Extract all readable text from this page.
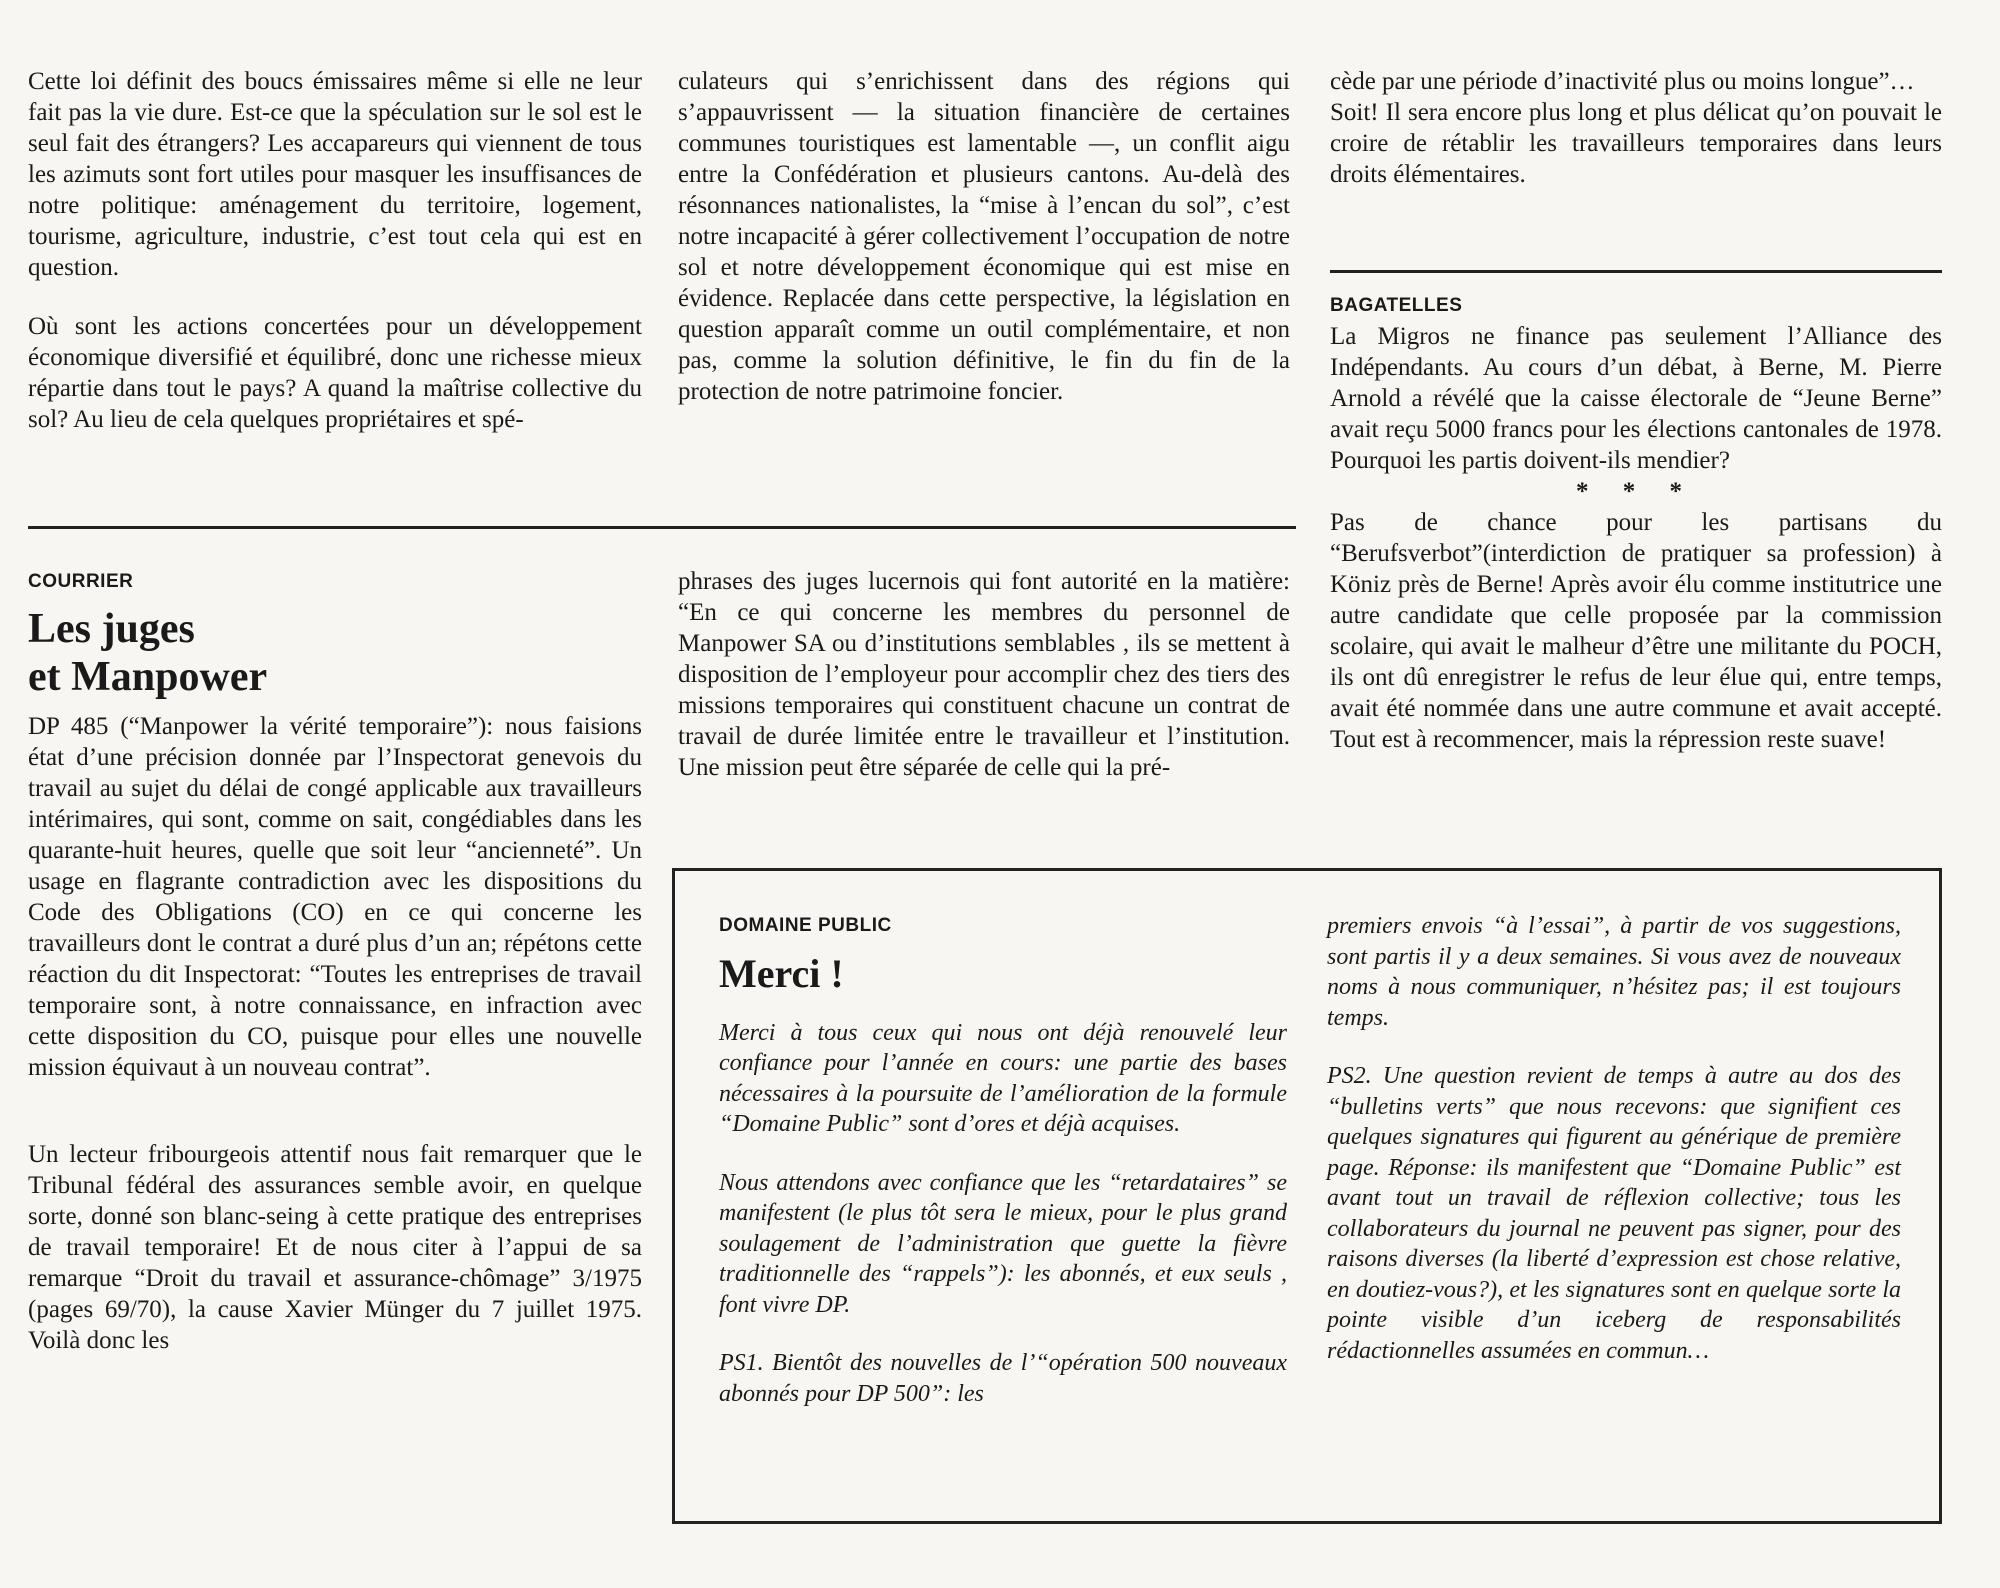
Cette loi définit des boucs émissaires même si elle ne leur fait pas la vie dure. Est-ce que la spéculation sur le sol est le seul fait des étrangers? Les accapareurs qui viennent de tous les azimuts sont fort utiles pour masquer les insuffisances de notre politique: aménagement du territoire, logement, tourisme, agriculture, industrie, c’est tout cela qui est en question.

Où sont les actions concertées pour un développement économique diversifié et équilibré, donc une richesse mieux répartie dans tout le pays? A quand la maîtrise collective du sol? Au lieu de cela quelques propriétaires et spé-

culateurs qui s’enrichissent dans des régions qui s’appauvrissent — la situation financière de certaines communes touristiques est lamentable —, un conflit aigu entre la Confédération et plusieurs cantons. Au-delà des résonnances nationalistes, la “mise à l’encan du sol”, c’est notre incapacité à gérer collectivement l’occupation de notre sol et notre développement économique qui est mise en évidence. Replacée dans cette perspective, la législation en question apparaît comme un outil complémentaire, et non pas, comme la solution définitive, le fin du fin de la protection de notre patrimoine foncier.

cède par une période d’inactivité plus ou moins longue”…

Soit! Il sera encore plus long et plus délicat qu’on pouvait le croire de rétablir les travailleurs temporaires dans leurs droits élémentaires.

BAGATELLES

La Migros ne finance pas seulement l’Alliance des Indépendants. Au cours d’un débat, à Berne, M. Pierre Arnold a révélé que la caisse électorale de “Jeune Berne” avait reçu 5000 francs pour les élections cantonales de 1978. Pourquoi les partis doivent-ils mendier?

* * *

Pas de chance pour les partisans du “Berufsverbot”(interdiction de pratiquer sa profession) à Köniz près de Berne! Après avoir élu comme institutrice une autre candidate que celle proposée par la commission scolaire, qui avait le malheur d’être une militante du POCH, ils ont dû enregistrer le refus de leur élue qui, entre temps, avait été nommée dans une autre commune et avait accepté. Tout est à recommencer, mais la répression reste suave!

COURRIER

Les juges
et Manpower

DP 485 (“Manpower la vérité temporaire”): nous faisions état d’une précision donnée par l’Inspectorat genevois du travail au sujet du délai de congé applicable aux travailleurs intérimaires, qui sont, comme on sait, congédiables dans les quarante-huit heures, quelle que soit leur “ancienneté”. Un usage en flagrante contradiction avec les dispositions du Code des Obligations (CO) en ce qui concerne les travailleurs dont le contrat a duré plus d’un an; répétons cette réaction du dit Inspectorat: “Toutes les entreprises de travail temporaire sont, à notre connaissance, en infraction avec cette disposition du CO, puisque pour elles une nouvelle mission équivaut à un nouveau contrat”.

Un lecteur fribourgeois attentif nous fait remarquer que le Tribunal fédéral des assurances semble avoir, en quelque sorte, donné son blanc-seing à cette pratique des entreprises de travail temporaire! Et de nous citer à l’appui de sa remarque “Droit du travail et assurance-chômage” 3/1975 (pages 69/70), la cause Xavier Münger du 7 juillet 1975. Voilà donc les

phrases des juges lucernois qui font autorité en la matière: “En ce qui concerne les membres du personnel de Manpower SA ou d’institutions semblables , ils se mettent à disposition de l’employeur pour accomplir chez des tiers des missions temporaires qui constituent chacune un contrat de travail de durée limitée entre le travailleur et l’institution. Une mission peut être séparée de celle qui la pré-

DOMAINE PUBLIC

Merci !

Merci à tous ceux qui nous ont déjà renouvelé leur confiance pour l’année en cours: une partie des bases nécessaires à la poursuite de l’amélioration de la formule “Domaine Public” sont d’ores et déjà acquises.

Nous attendons avec confiance que les “retardataires” se manifestent (le plus tôt sera le mieux, pour le plus grand soulagement de l’administration que guette la fièvre traditionnelle des “rappels”): les abonnés, et eux seuls , font vivre DP.

PS1. Bientôt des nouvelles de l’“opération 500 nouveaux abonnés pour DP 500”: les

premiers envois “à l’essai”, à partir de vos suggestions, sont partis il y a deux semaines. Si vous avez de nouveaux noms à nous communiquer, n’hésitez pas; il est toujours temps.

PS2. Une question revient de temps à autre au dos des “bulletins verts” que nous recevons: que signifient ces quelques signatures qui figurent au générique de première page. Réponse: ils manifestent que “Domaine Public” est avant tout un travail de réflexion collective; tous les collaborateurs du journal ne peuvent pas signer, pour des raisons diverses (la liberté d’expression est chose relative, en doutiez-vous?), et les signatures sont en quelque sorte la pointe visible d’un iceberg de responsabilités rédactionnelles assumées en commun…
